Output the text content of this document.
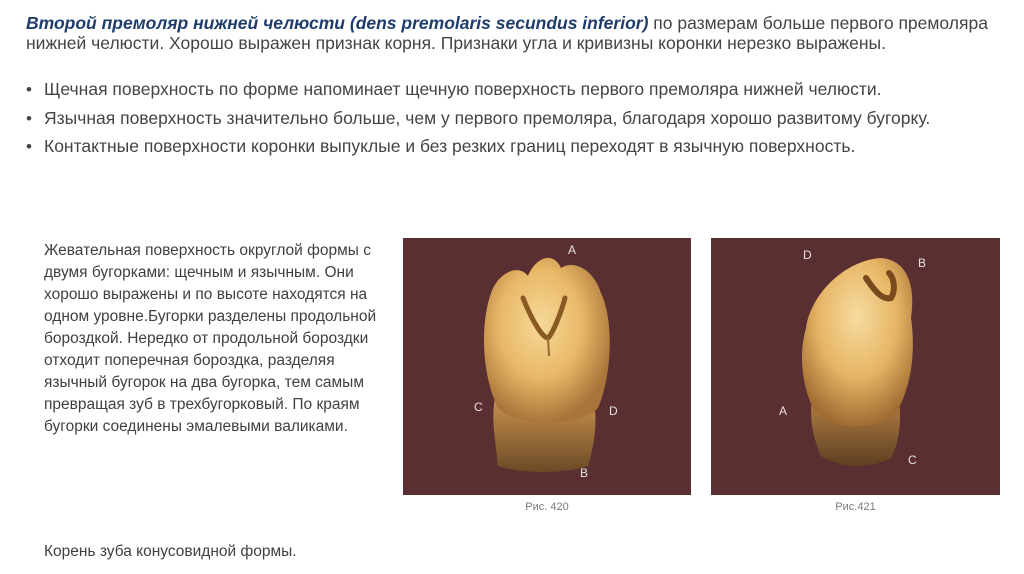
Второй премоляр нижней челюсти (dens premolaris secundus inferior) по размерам больше первого премоляра нижней челюсти. Хорошо выражен признак корня. Признаки угла и кривизны коронки нерезко выражены.

• Щечная поверхность по форме напоминает щечную поверхность первого премоляра нижней челюсти.
• Язычная поверхность значительно больше, чем у первого премоляра, благодаря хорошо развитому бугорку.
• Контактные поверхности коронки выпуклые и без резких границ переходят в язычную поверхность.

Жевательная поверхность округлой формы с двумя бугорками: щечным и язычным. Они хорошо выражены и по высоте находятся на одном уровне.Бугорки разделены продольной бороздкой. Нередко от продольной бороздки отходит поперечная бороздка, разделяя язычный бугорок на два бугорка, тем самым превращая зуб в трехбугорковый. По краям бугорки соединены эмалевыми валиками.

Корень зуба конусовидной формы.

A
C	D
B
Рис. 420
D
B
A
C
Рис.421
